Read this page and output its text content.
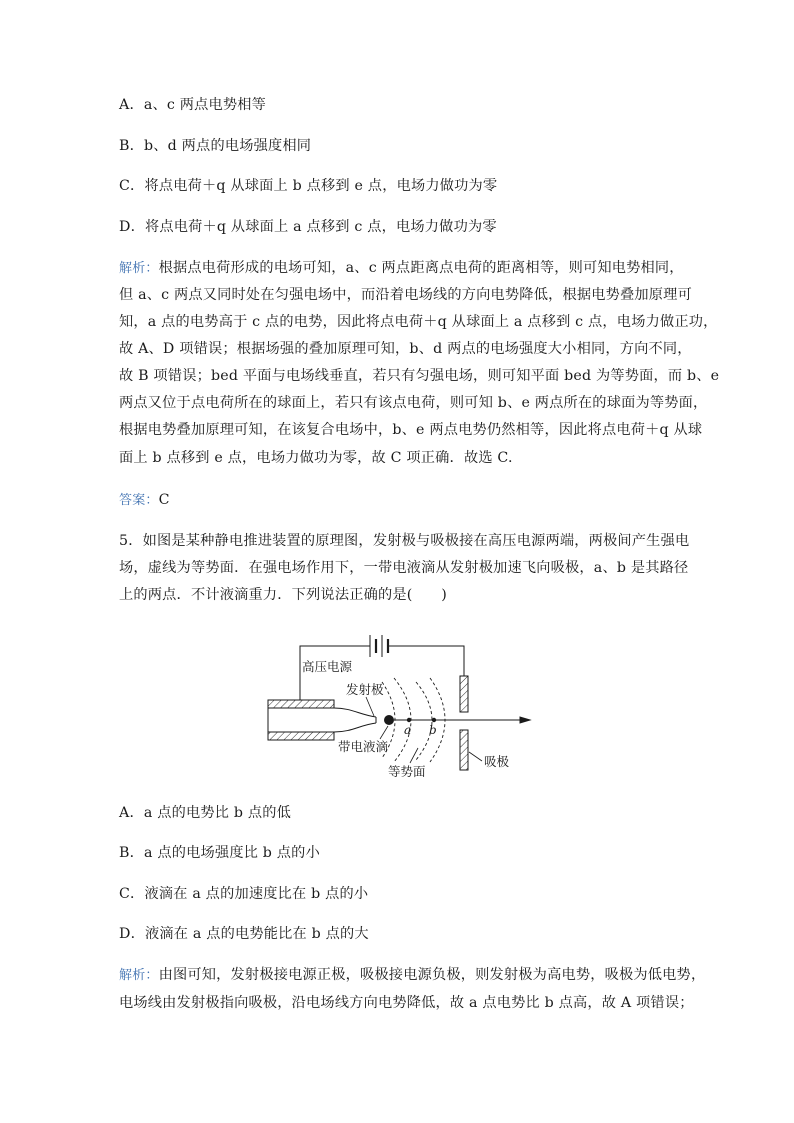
A．a、c 两点电势相等
B．b、d 两点的电场强度相同
C．将点电荷＋q 从球面上 b 点移到 e 点，电场力做功为零
D．将点电荷＋q 从球面上 a 点移到 c 点，电场力做功为零
解析：根据点电荷形成的电场可知，a、c 两点距离点电荷的距离相等，则可知电势相同，
但 a、c 两点又同时处在匀强电场中，而沿着电场线的方向电势降低，根据电势叠加原理可
知，a 点的电势高于 c 点的电势，因此将点电荷＋q 从球面上 a 点移到 c 点，电场力做正功，
故 A、D 项错误；根据场强的叠加原理可知，b、d 两点的电场强度大小相同，方向不同，
故 B 项错误；bed 平面与电场线垂直，若只有匀强电场，则可知平面 bed 为等势面，而 b、e
两点又位于点电荷所在的球面上，若只有该点电荷，则可知 b、e 两点所在的球面为等势面，
根据电势叠加原理可知，在该复合电场中，b、e 两点电势仍然相等，因此将点电荷＋q 从球
面上 b 点移到 e 点，电场力做功为零，故 C 项正确．故选 C.
答案：C
5．如图是某种静电推进装置的原理图，发射极与吸极接在高压电源两端，两极间产生强电
场，虚线为等势面．在强电场作用下，一带电液滴从发射极加速飞向吸极，a、b 是其路径
上的两点．不计液滴重力．下列说法正确的是(　　)
高压电源
发射极
带电液滴
a b
等势面
吸极
A．a 点的电势比 b 点的低
B．a 点的电场强度比 b 点的小
C．液滴在 a 点的加速度比在 b 点的小
D．液滴在 a 点的电势能比在 b 点的大
解析：由图可知，发射极接电源正极，吸极接电源负极，则发射极为高电势，吸极为低电势，
电场线由发射极指向吸极，沿电场线方向电势降低，故 a 点电势比 b 点高，故 A 项错误；
